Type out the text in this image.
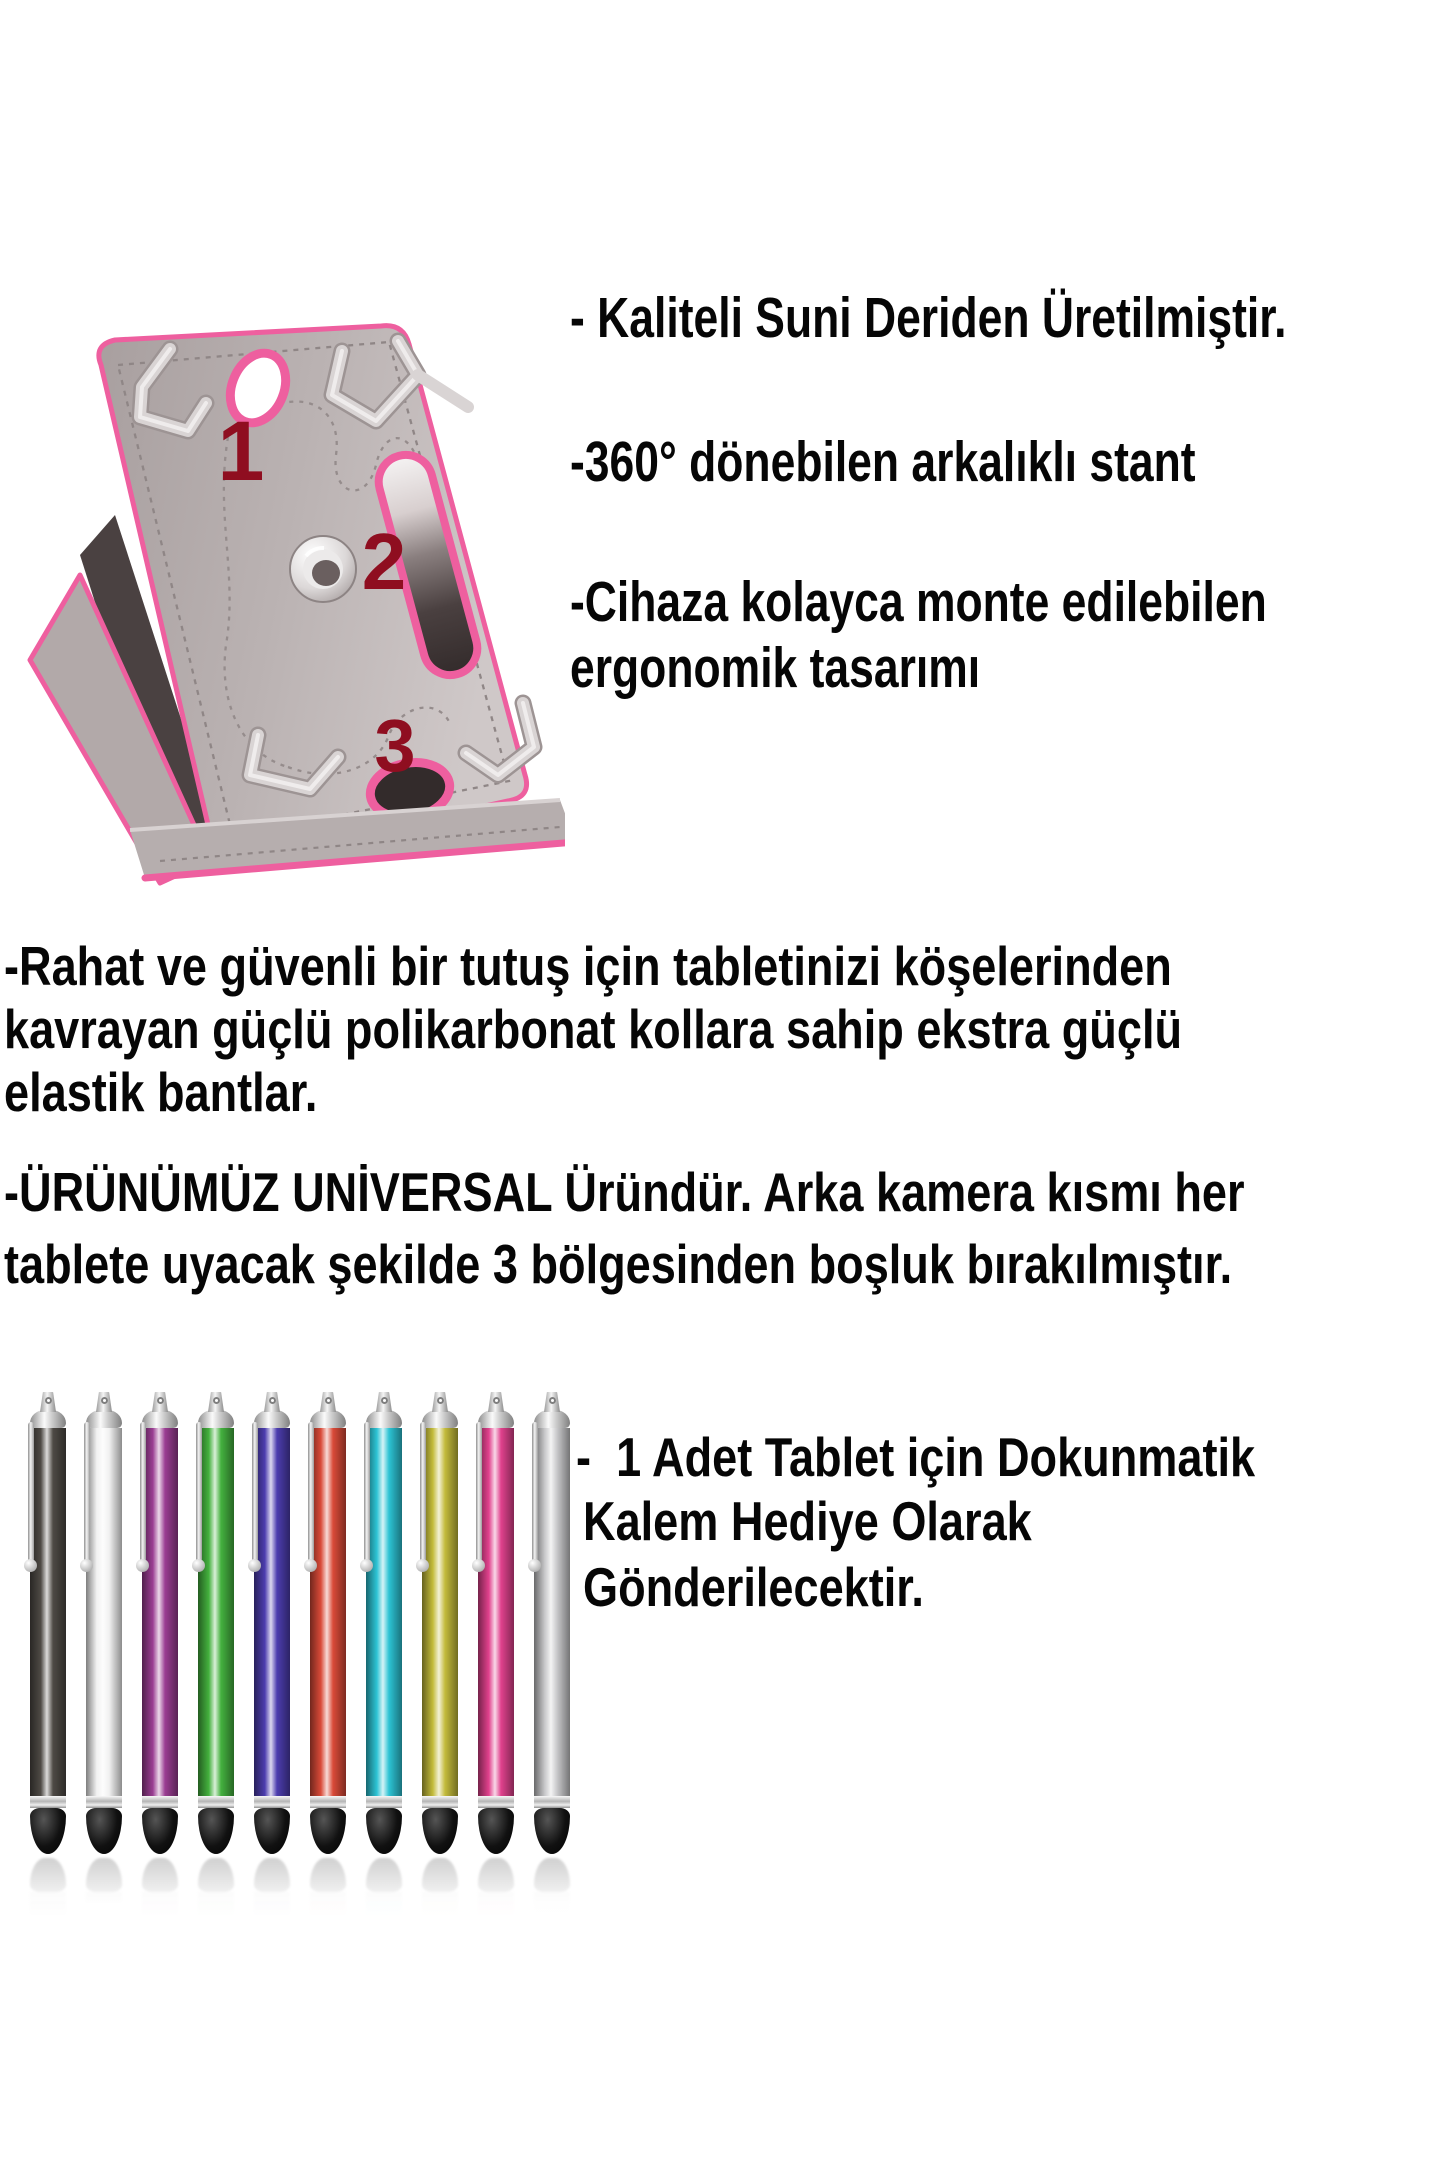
1
2
3
- Kaliteli Suni Deriden Üretilmiştir.
-360° dönebilen arkalıklı stant
-Cihaza kolayca monte edilebilen
ergonomik tasarımı
-Rahat ve güvenli bir tutuş için tabletinizi köşelerinden
kavrayan güçlü polikarbonat kollara sahip ekstra güçlü
elastik bantlar.
-ÜRÜNÜMÜZ UNİVERSAL Üründür. Arka kamera kısmı her
tablete uyacak şekilde 3 bölgesinden boşluk bırakılmıştır.
-  1 Adet Tablet için Dokunmatik
Kalem Hediye Olarak
Gönderilecektir.
